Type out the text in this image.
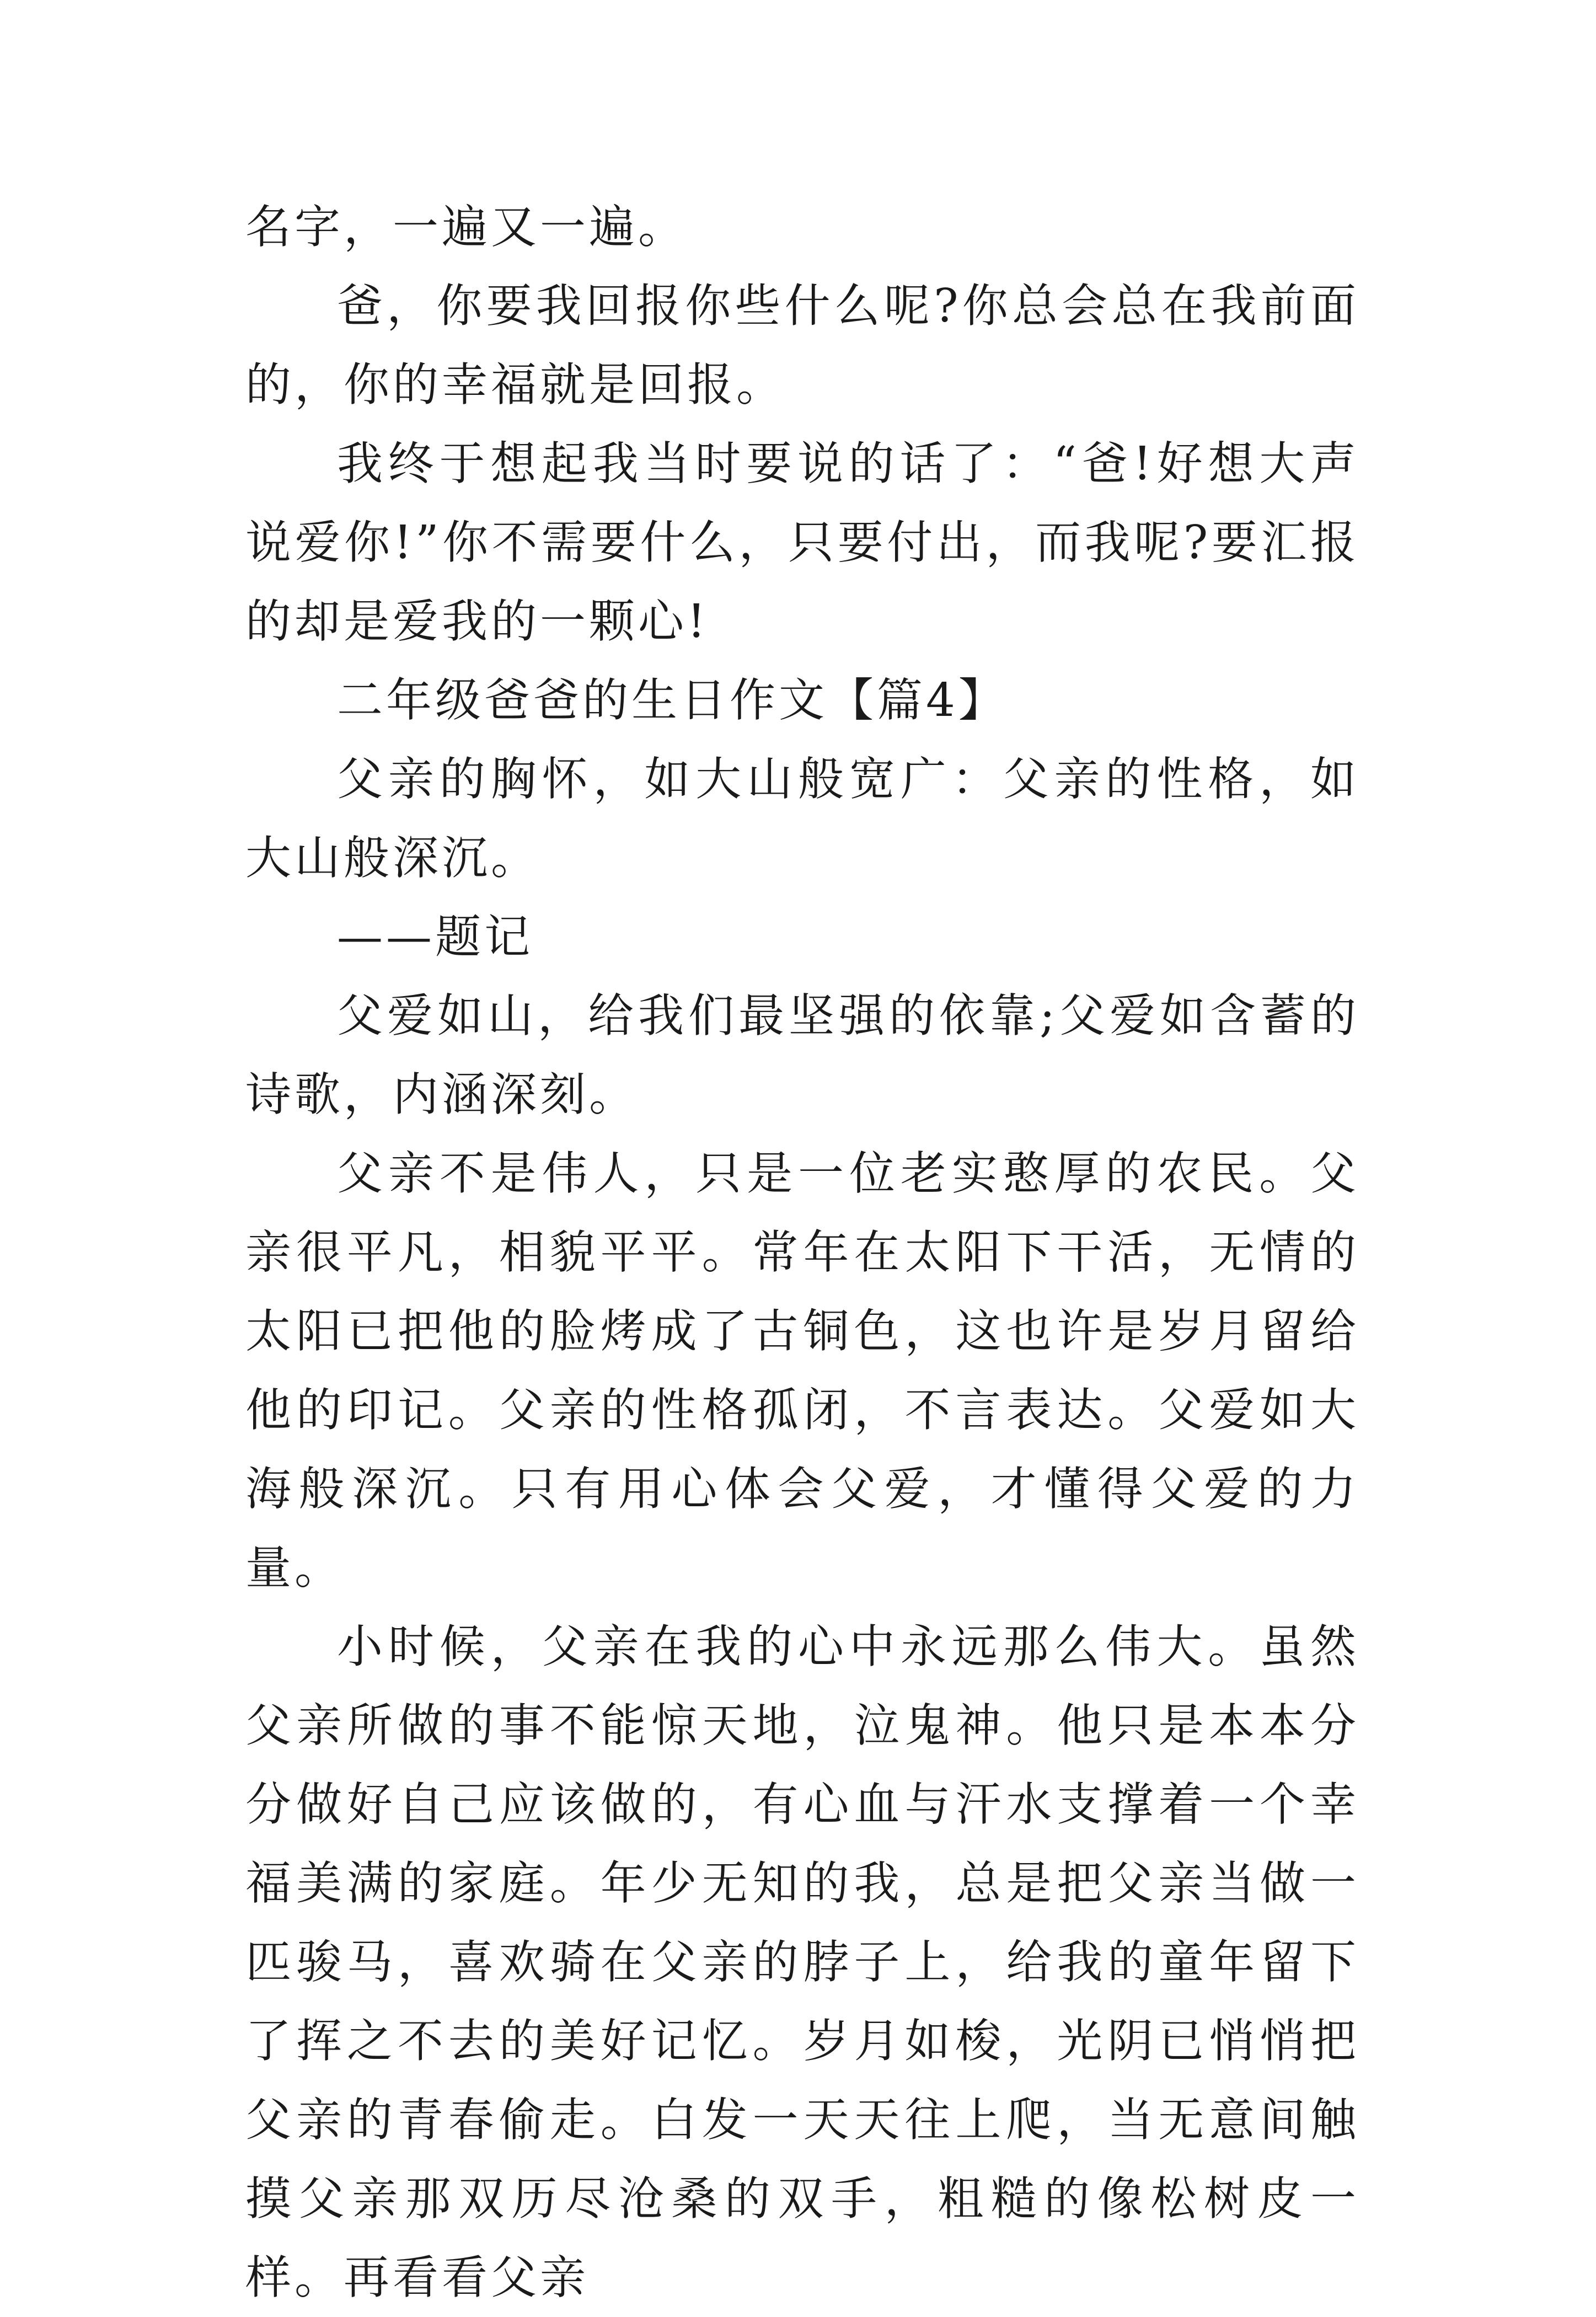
名字，一遍又一遍。

爸，你要我回报你些什么呢?你总会总在我前面的，你的幸福就是回报。

我终于想起我当时要说的话了：“爸!好想大声说爱你!”你不需要什么，只要付出，而我呢?要汇报的却是爱我的一颗心!

二年级爸爸的生日作文【篇4】

父亲的胸怀，如大山般宽广：父亲的性格，如大山般深沉。

——题记

父爱如山，给我们最坚强的依靠;父爱如含蓄的诗歌，内涵深刻。

父亲不是伟人，只是一位老实憨厚的农民。父亲很平凡，相貌平平。常年在太阳下干活，无情的太阳已把他的脸烤成了古铜色，这也许是岁月留给他的印记。父亲的性格孤闭，不言表达。父爱如大海般深沉。只有用心体会父爱，才懂得父爱的力量。

小时候，父亲在我的心中永远那么伟大。虽然父亲所做的事不能惊天地，泣鬼神。他只是本本分分做好自己应该做的，有心血与汗水支撑着一个幸福美满的家庭。年少无知的我，总是把父亲当做一匹骏马，喜欢骑在父亲的脖子上，给我的童年留下了挥之不去的美好记忆。岁月如梭，光阴已悄悄把父亲的青春偷走。白发一天天往上爬，当无意间触摸父亲那双历尽沧桑的双手，粗糙的像松树皮一样。再看看父亲
